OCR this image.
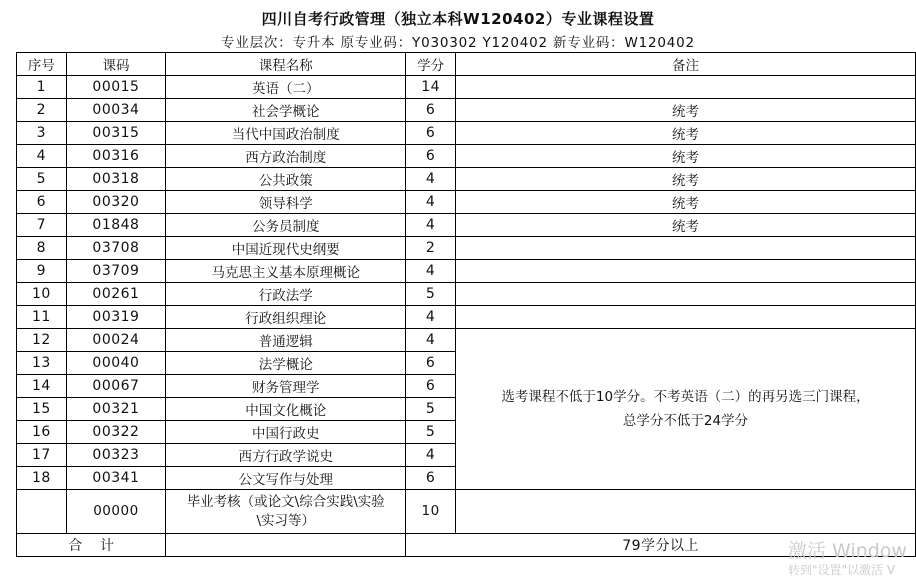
四川自考行政管理（独立本科W120402）专业课程设置
专业层次：专升本 原专业码：Y030302 Y120402 新专业码：W120402
序号	课码	课程名称	学分	备注
1	00015	英语（二）	14	
2	00034	社会学概论	6	统考
3	00315	当代中国政治制度	6	统考
4	00316	西方政治制度	6	统考
5	00318	公共政策	4	统考
6	00320	领导科学	4	统考
7	01848	公务员制度	4	统考
8	03708	中国近现代史纲要	2	
9	03709	马克思主义基本原理概论	4	
10	00261	行政法学	5	
11	00319	行政组织理论	4	
12	00024	普通逻辑	4	选考课程不低于10学分。不考英语（二）的再另选三门课程，
总学分不低于24学分

13	00040	法学概论	6	
14	00067	财务管理学	6	
15	00321	中国文化概论	5	
16	00322	中国行政史	5	
17	00323	西方行政学说史	4	
18	00341	公文写作与处理	6	
	00000	毕业考核（或论文\综合实践\实验
\实习等）	10	
合    计			79学分以上		激活 Window
转到"设置"以激活 V
